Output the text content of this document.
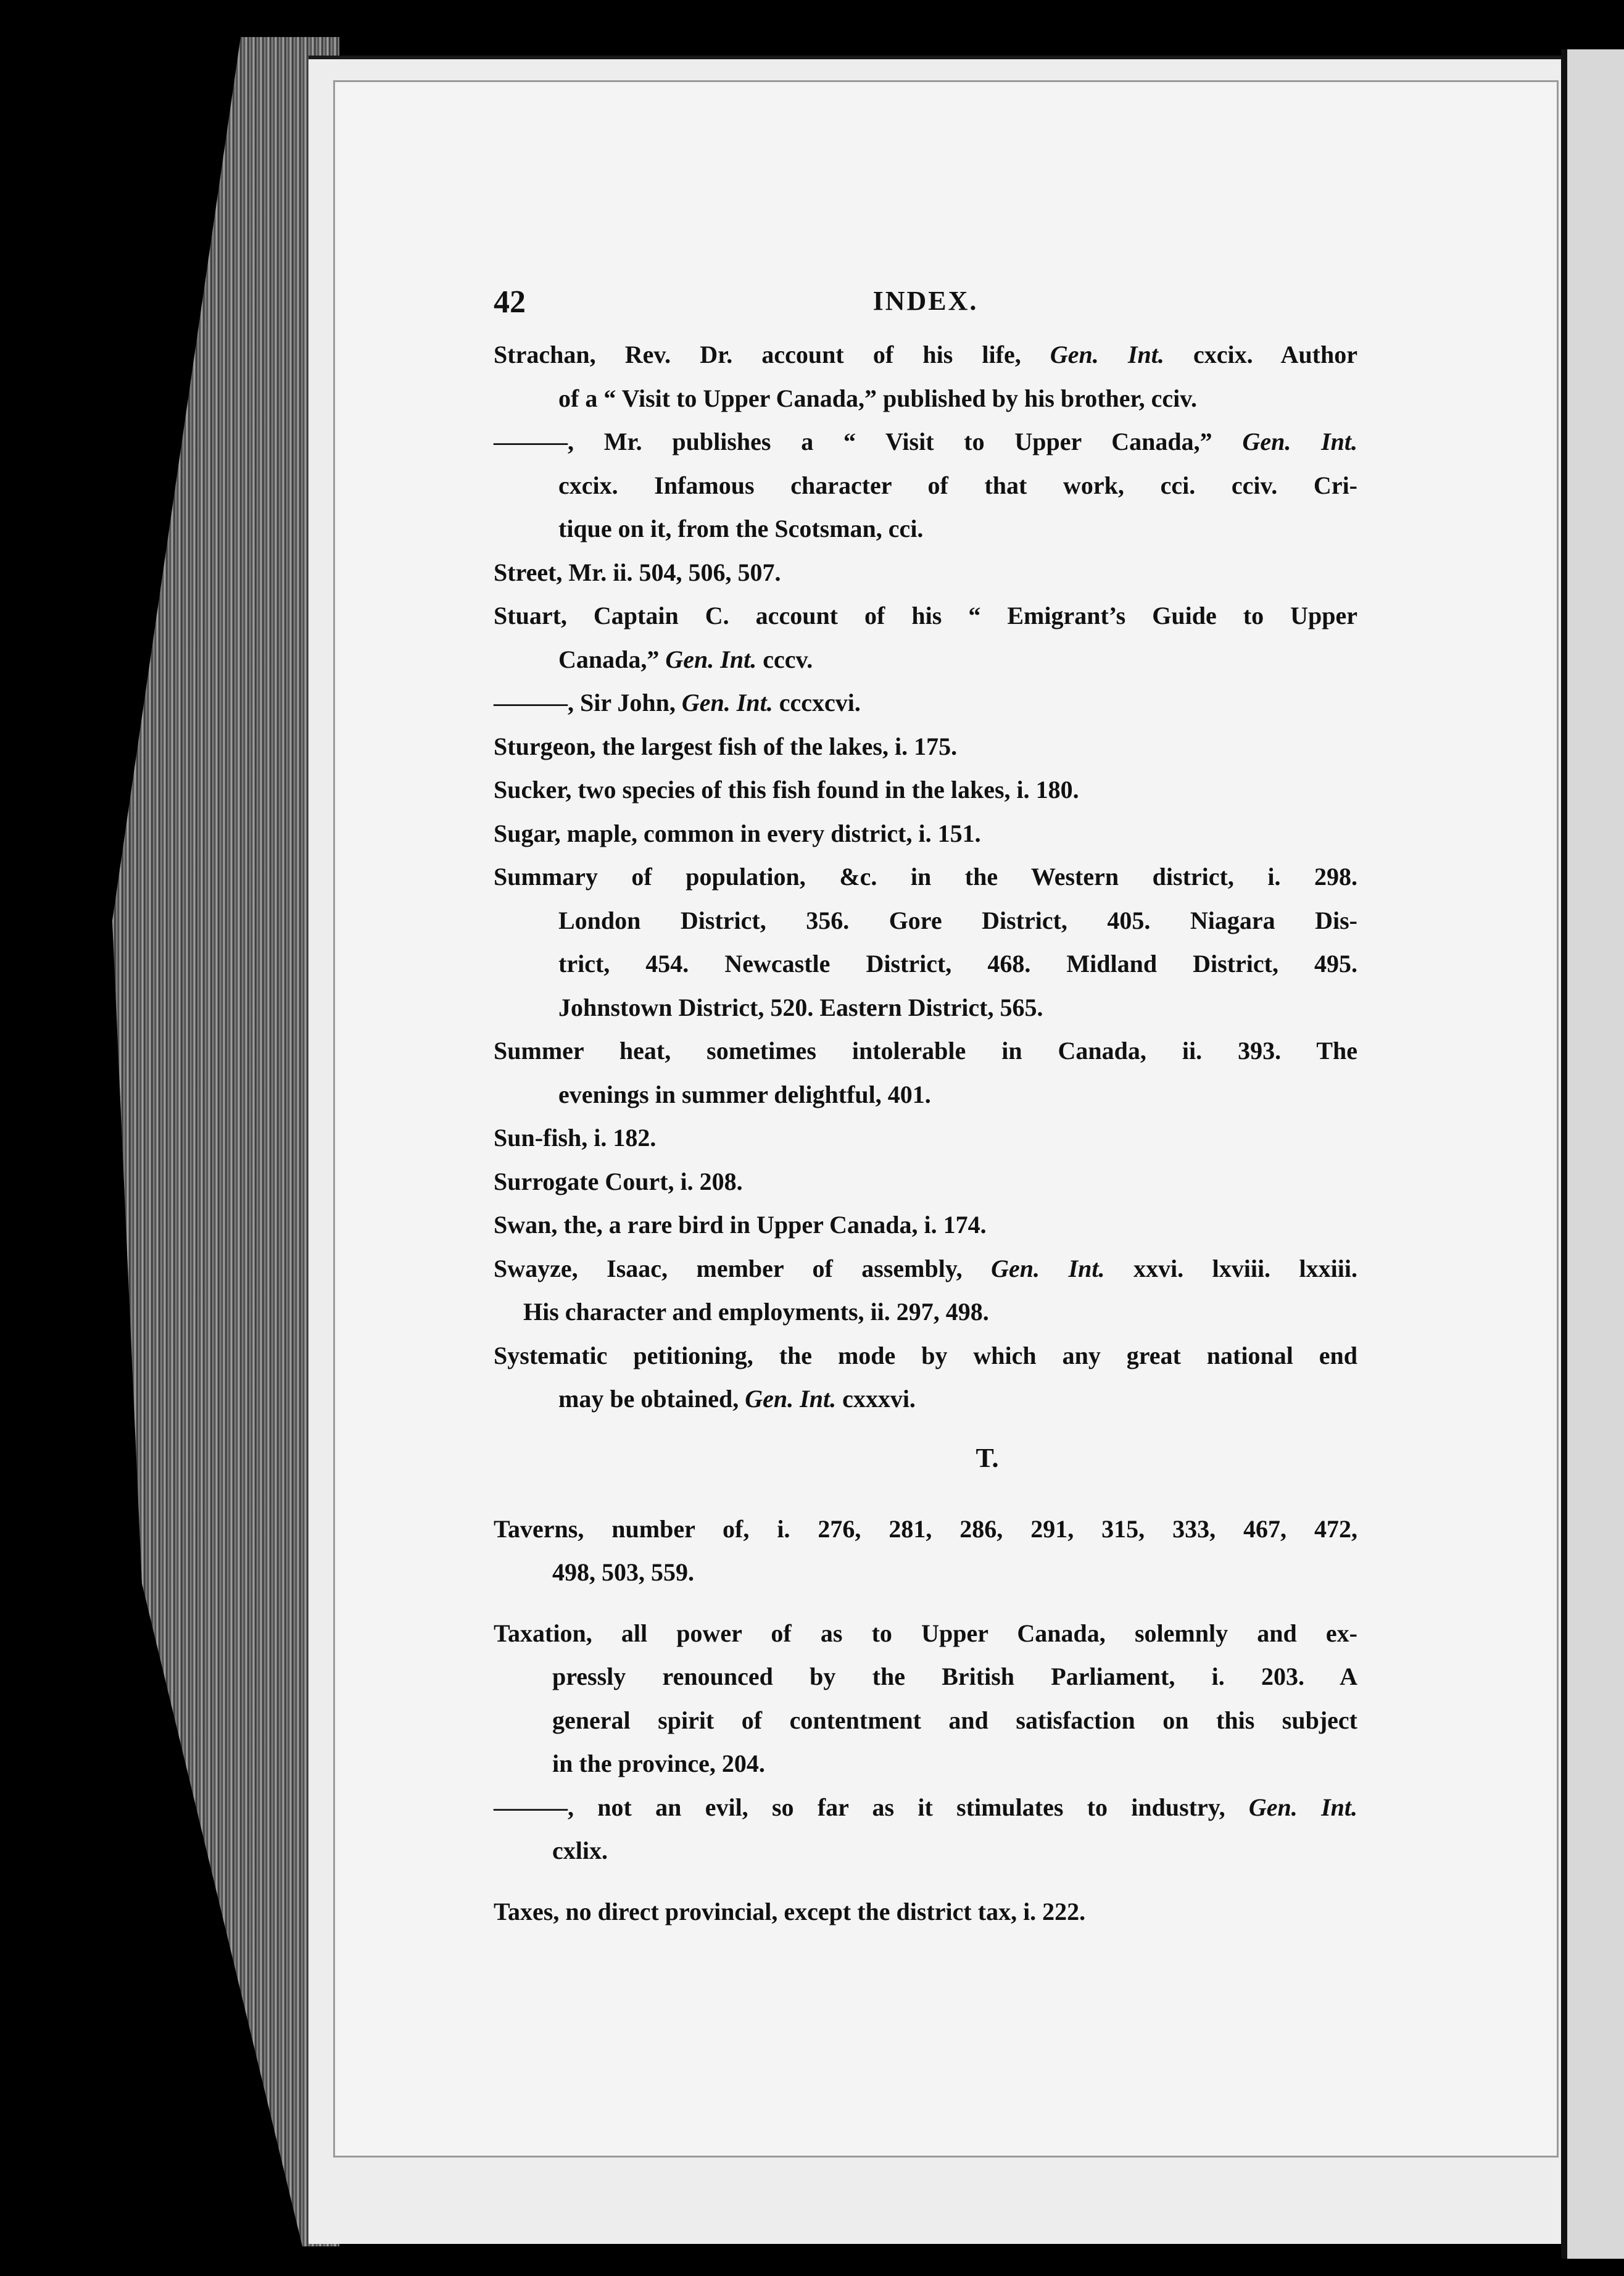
42	INDEX.

Strachan, Rev. Dr. account of his life, Gen. Int. cxcix. Author
of a “ Visit to Upper Canada,” published by his brother, cciv.

———, Mr. publishes a “ Visit to Upper Canada,” Gen. Int.
cxcix. Infamous character of that work, cci. cciv. Cri-
tique on it, from the Scotsman, cci.

Street, Mr. ii. 504, 506, 507.

Stuart, Captain C. account of his “ Emigrant’s Guide to Upper
Canada,” Gen. Int. cccv.

———, Sir John, Gen. Int. cccxcvi.

Sturgeon, the largest fish of the lakes, i. 175.

Sucker, two species of this fish found in the lakes, i. 180.

Sugar, maple, common in every district, i. 151.

Summary of population, &c. in the Western district, i. 298.
London District, 356. Gore District, 405. Niagara Dis-
trict, 454. Newcastle District, 468. Midland District, 495.
Johnstown District, 520. Eastern District, 565.

Summer heat, sometimes intolerable in Canada, ii. 393. The
evenings in summer delightful, 401.

Sun-fish, i. 182.

Surrogate Court, i. 208.

Swan, the, a rare bird in Upper Canada, i. 174.

Swayze, Isaac, member of assembly, Gen. Int. xxvi. lxviii. lxxiii.
His character and employments, ii. 297, 498.

Systematic petitioning, the mode by which any great national end
may be obtained, Gen. Int. cxxxvi.

T.

Taverns, number of, i. 276, 281, 286, 291, 315, 333, 467, 472,
498, 503, 559.

Taxation, all power of as to Upper Canada, solemnly and ex-
pressly renounced by the British Parliament, i. 203. A
general spirit of contentment and satisfaction on this subject
in the province, 204.

———, not an evil, so far as it stimulates to industry, Gen. Int.
cxlix.

Taxes, no direct provincial, except the district tax, i. 222.
